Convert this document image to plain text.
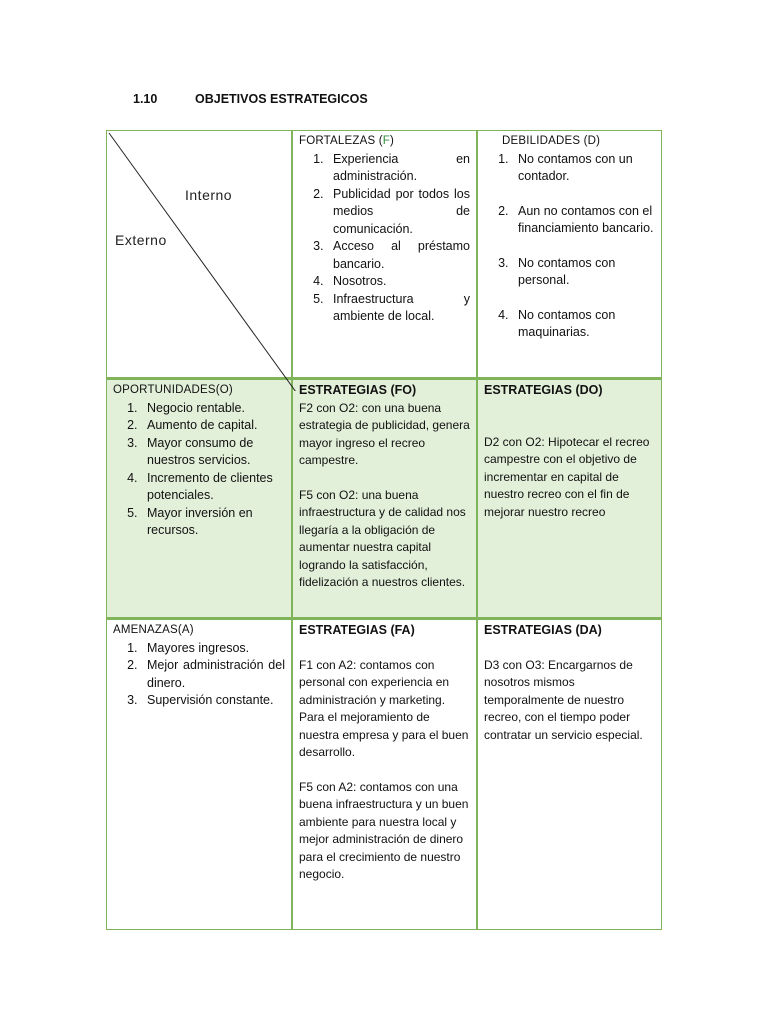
1.10	OBJETIVOS ESTRATEGICOS
Interno
Externo
FORTALEZAS (F)
1. Experiencia en administración.
2. Publicidad por todos los medios de comunicación.
3. Acceso al préstamo bancario.
4. Nosotros.
5. Infraestructura y ambiente de local.
DEBILIDADES (D)
1. No contamos con un contador.
2. Aun no contamos con el financiamiento bancario.
3. No contamos con personal.
4. No contamos con maquinarias.
OPORTUNIDADES(O)
1. Negocio rentable.
2. Aumento de capital.
3. Mayor consumo de nuestros servicios.
4. Incremento de clientes potenciales.
5. Mayor inversión en recursos.
ESTRATEGIAS (FO)
F2 con O2: con una buena estrategia de publicidad, genera mayor ingreso el recreo campestre.
F5 con O2: una buena infraestructura y de calidad nos llegaría a la obligación de aumentar nuestra capital logrando la satisfacción, fidelización a nuestros clientes.
ESTRATEGIAS (DO)
D2 con O2: Hipotecar el recreo campestre con el objetivo de incrementar en capital de nuestro recreo con el fin de mejorar nuestro recreo
AMENAZAS(A)
1. Mayores ingresos.
2. Mejor administración del dinero.
3. Supervisión constante.
ESTRATEGIAS (FA)
F1 con A2: contamos con personal con experiencia en administración y marketing. Para el mejoramiento de nuestra empresa y para el buen desarrollo.
F5 con A2: contamos con una buena infraestructura y un buen ambiente para nuestra local y mejor administración de dinero para el crecimiento de nuestro negocio.
ESTRATEGIAS (DA)
D3 con O3: Encargarnos de nosotros mismos temporalmente de nuestro recreo, con el tiempo poder contratar un servicio especial.
